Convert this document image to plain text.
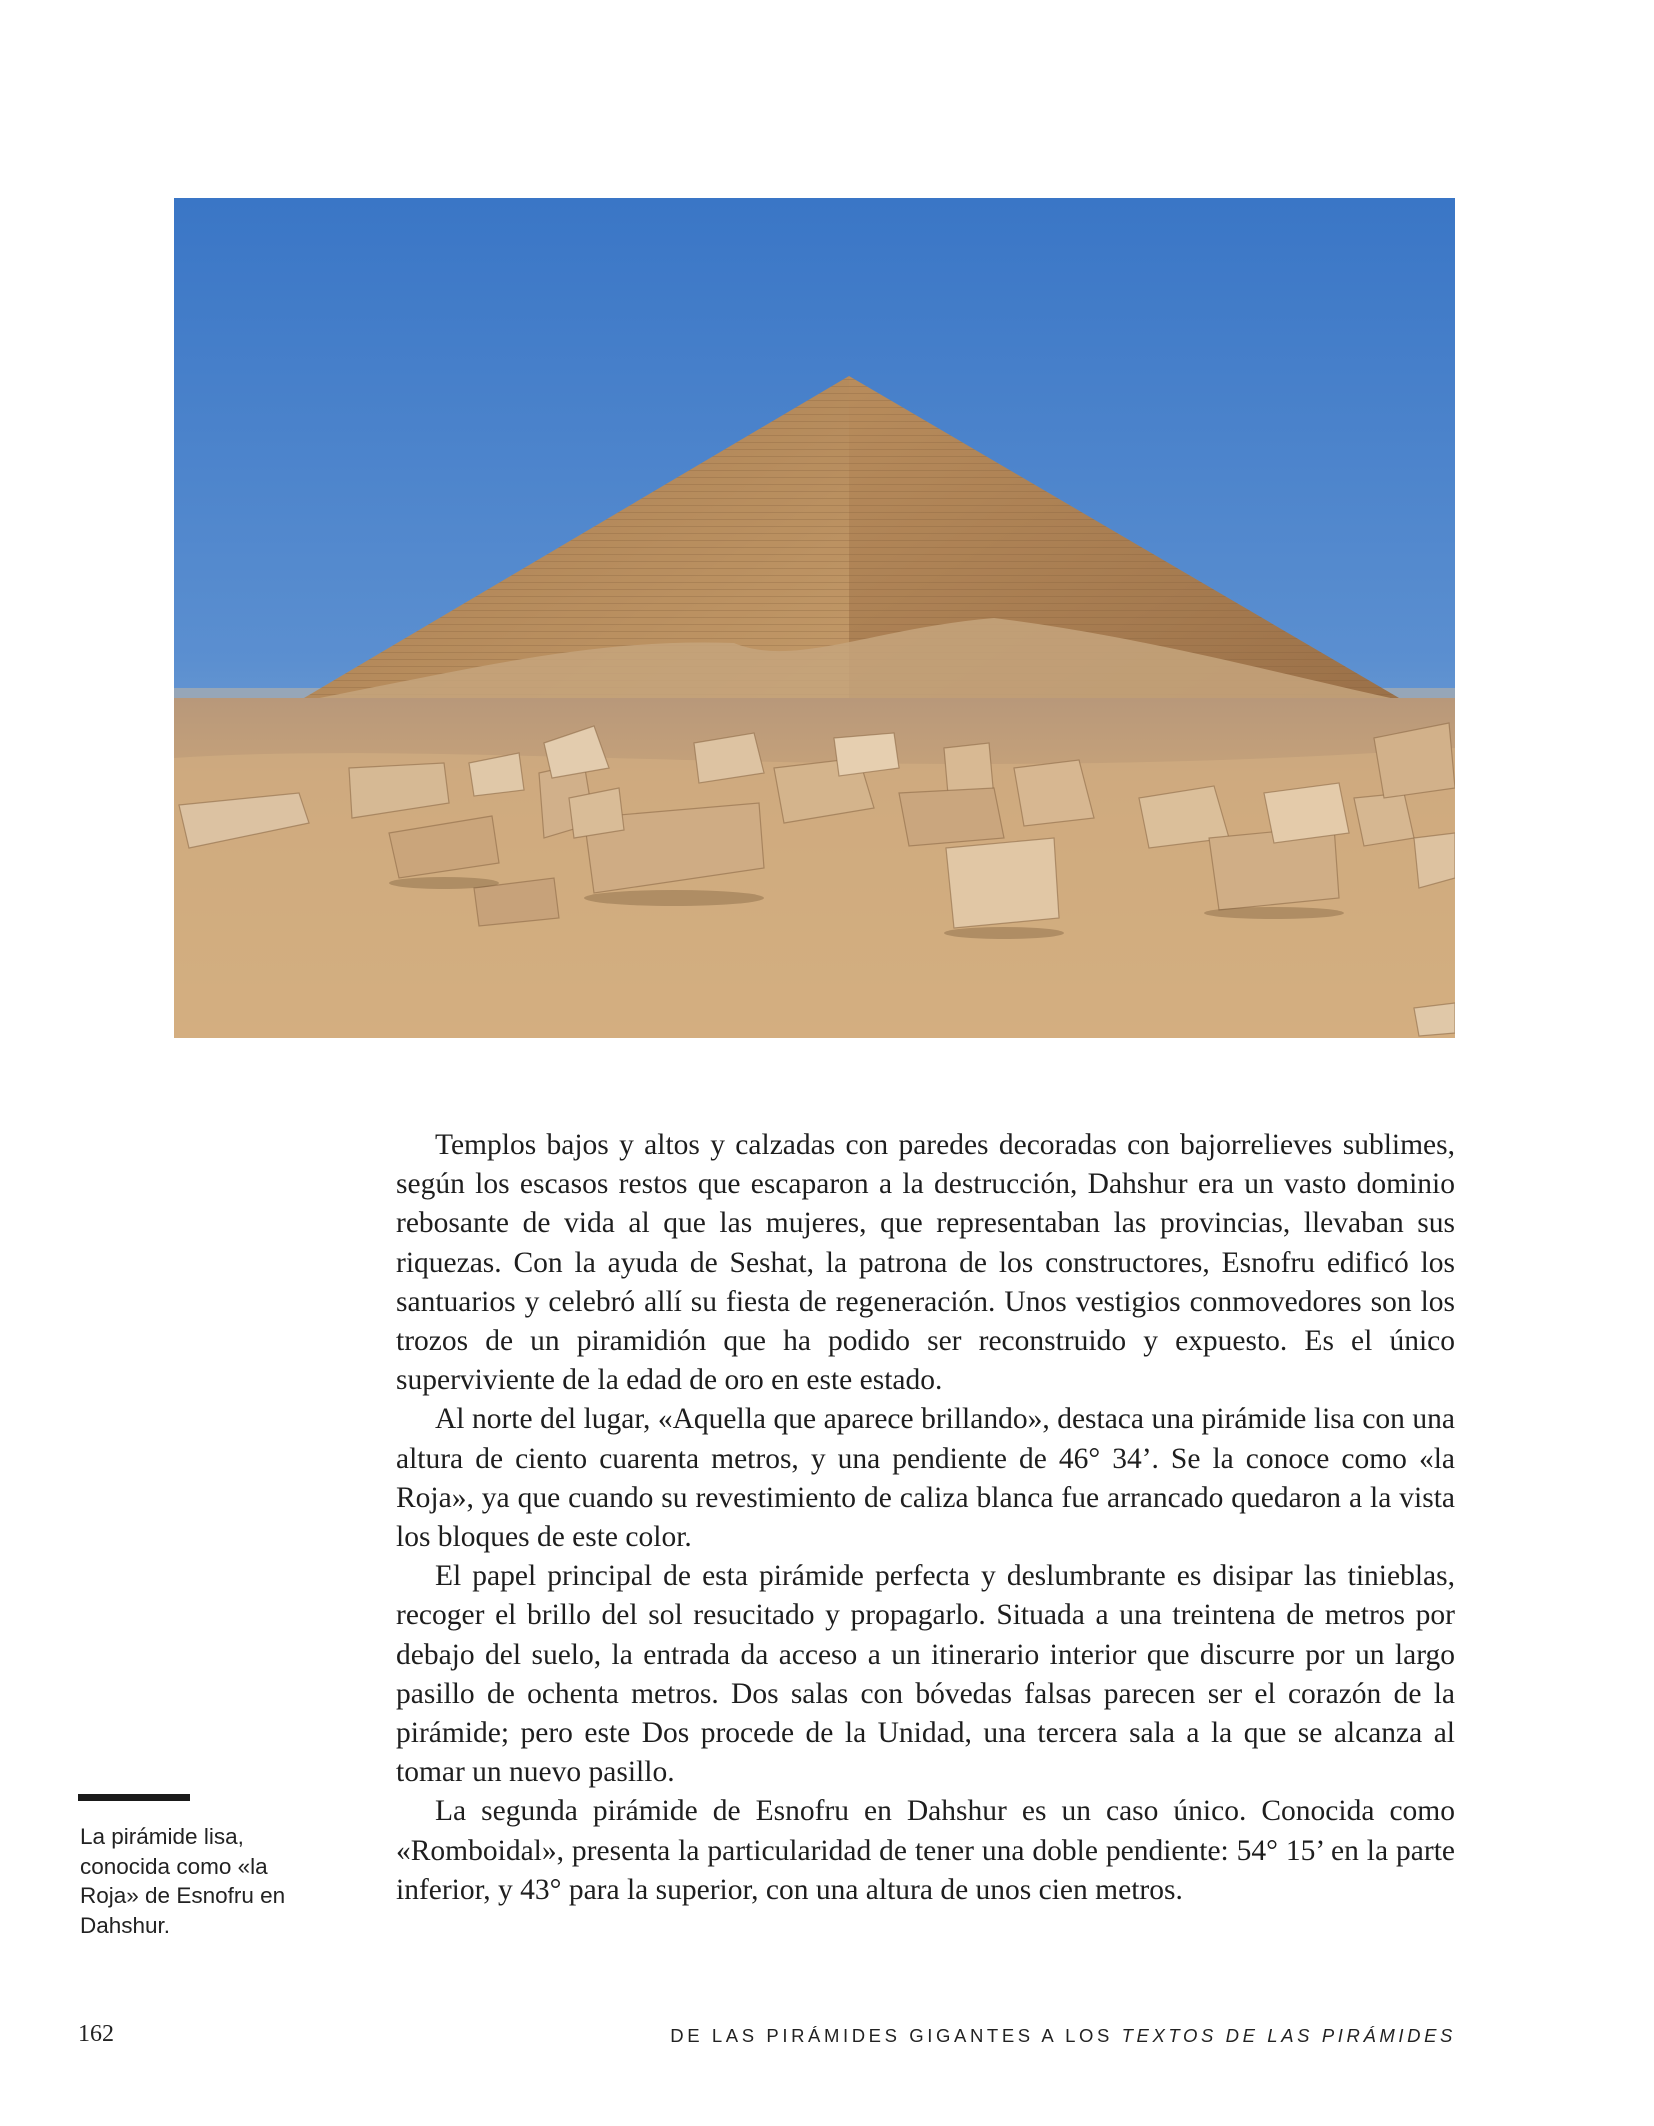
Templos bajos y altos y calzadas con paredes decoradas con bajorrelieves sublimes, según los escasos restos que escaparon a la destrucción, Dahshur era un vasto dominio rebosante de vida al que las mujeres, que representaban las provincias, llevaban sus riquezas. Con la ayuda de Seshat, la patrona de los constructores, Esnofru edificó los santuarios y celebró allí su fiesta de regeneración. Unos vestigios conmovedores son los trozos de un piramidión que ha podido ser reconstruido y expuesto. Es el único superviviente de la edad de oro en este estado.

Al norte del lugar, «Aquella que aparece brillando», destaca una pirámide lisa con una altura de ciento cuarenta metros, y una pendiente de 46° 34’. Se la conoce como «la Roja», ya que cuando su revestimiento de caliza blanca fue arrancado quedaron a la vista los bloques de este color.

El papel principal de esta pirámide perfecta y deslumbrante es disipar las tinieblas, recoger el brillo del sol resucitado y propagarlo. Situada a una treintena de metros por debajo del suelo, la entrada da acceso a un itinerario interior que discurre por un largo pasillo de ochenta metros. Dos salas con bóvedas falsas parecen ser el corazón de la pirámide; pero este Dos procede de la Unidad, una tercera sala a la que se alcanza al tomar un nuevo pasillo.

La segunda pirámide de Esnofru en Dahshur es un caso único. Conocida como «Romboidal», presenta la particularidad de tener una doble pendiente: 54° 15’ en la parte inferior, y 43° para la superior, con una altura de unos cien metros.

La pirámide lisa, conocida como «la Roja» de Esnofru en Dahshur.
162	DE LAS PIRÁMIDES GIGANTES A LOS TEXTOS DE LAS PIRÁMIDES
